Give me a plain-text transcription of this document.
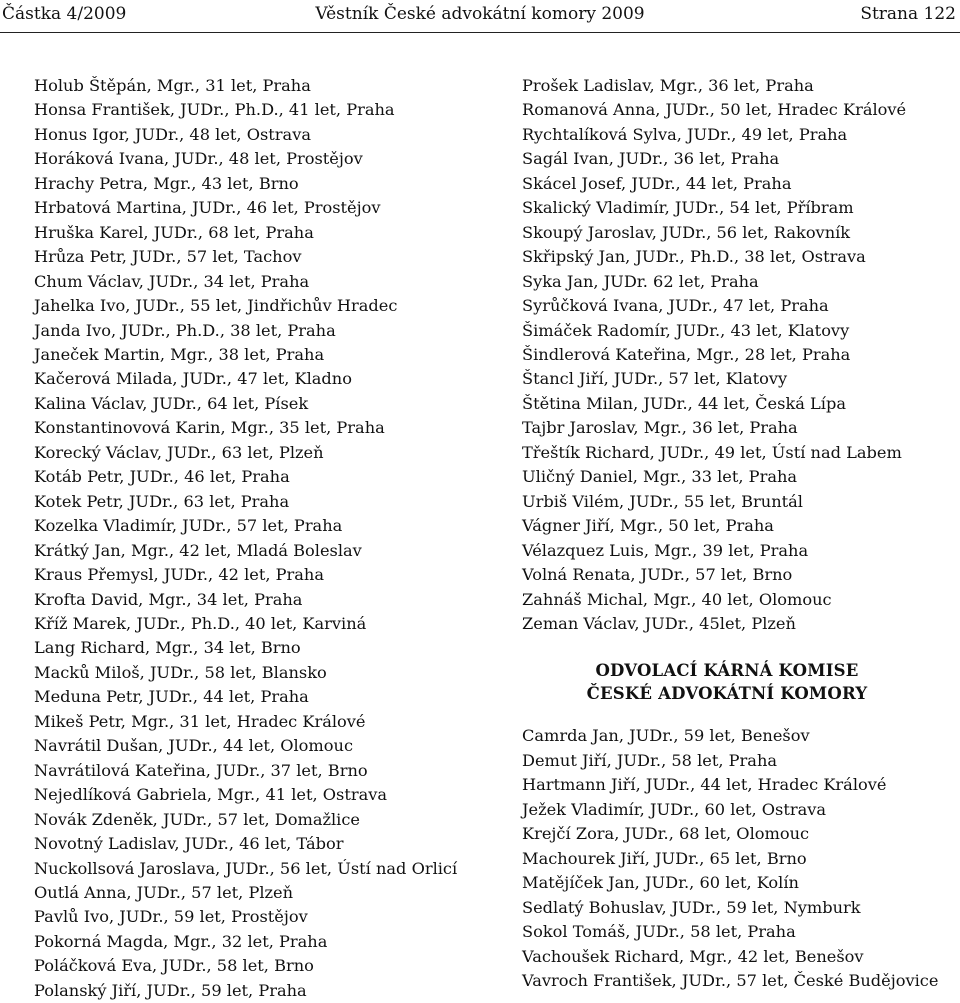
Částka 4/2009	Věstník České advokátní komory 2009	Strana 122
Holub Štěpán, Mgr., 31 let, Praha
Honsa František, JUDr., Ph.D., 41 let, Praha
Honus Igor, JUDr., 48 let, Ostrava
Horáková Ivana, JUDr., 48 let, Prostějov
Hrachy Petra, Mgr., 43 let, Brno
Hrbatová Martina, JUDr., 46 let, Prostějov
Hruška Karel, JUDr., 68 let, Praha
Hrůza Petr, JUDr., 57 let, Tachov
Chum Václav, JUDr., 34 let, Praha
Jahelka Ivo, JUDr., 55 let, Jindřichův Hradec
Janda Ivo, JUDr., Ph.D., 38 let, Praha
Janeček Martin, Mgr., 38 let, Praha
Kačerová Milada, JUDr., 47 let, Kladno
Kalina Václav, JUDr., 64 let, Písek
Konstantinovová Karin, Mgr., 35 let, Praha
Korecký Václav, JUDr., 63 let, Plzeň
Kotáb Petr, JUDr., 46 let, Praha
Kotek Petr, JUDr., 63 let, Praha
Kozelka Vladimír, JUDr., 57 let, Praha
Krátký Jan, Mgr., 42 let, Mladá Boleslav
Kraus Přemysl, JUDr., 42 let, Praha
Krofta David, Mgr., 34 let, Praha
Kříž Marek, JUDr., Ph.D., 40 let, Karviná
Lang Richard, Mgr., 34 let, Brno
Macků Miloš, JUDr., 58 let, Blansko
Meduna Petr, JUDr., 44 let, Praha
Mikeš Petr, Mgr., 31 let, Hradec Králové
Navrátil Dušan, JUDr., 44 let, Olomouc
Navrátilová Kateřina, JUDr., 37 let, Brno
Nejedlíková Gabriela, Mgr., 41 let, Ostrava
Novák Zdeněk, JUDr., 57 let, Domažlice
Novotný Ladislav, JUDr., 46 let, Tábor
Nuckollsová Jaroslava, JUDr., 56 let, Ústí nad Orlicí
Outlá Anna, JUDr., 57 let, Plzeň
Pavlů Ivo, JUDr., 59 let, Prostějov
Pokorná Magda, Mgr., 32 let, Praha
Poláčková Eva, JUDr., 58 let, Brno
Polanský Jiří, JUDr., 59 let, Praha
Prošek Ladislav, Mgr., 36 let, Praha
Romanová Anna, JUDr., 50 let, Hradec Králové
Rychtalíková Sylva, JUDr., 49 let, Praha
Sagál Ivan, JUDr., 36 let, Praha
Skácel Josef, JUDr., 44 let, Praha
Skalický Vladimír, JUDr., 54 let, Příbram
Skoupý Jaroslav, JUDr., 56 let, Rakovník
Skřipský Jan, JUDr., Ph.D., 38 let, Ostrava
Syka Jan, JUDr. 62 let, Praha
Syrůčková Ivana, JUDr., 47 let, Praha
Šimáček Radomír, JUDr., 43 let, Klatovy
Šindlerová Kateřina, Mgr., 28 let, Praha
Štancl Jiří, JUDr., 57 let, Klatovy
Štětina Milan, JUDr., 44 let, Česká Lípa
Tajbr Jaroslav, Mgr., 36 let, Praha
Třeštík Richard, JUDr., 49 let, Ústí nad Labem
Uličný Daniel, Mgr., 33 let, Praha
Urbiš Vilém, JUDr., 55 let, Bruntál
Vágner Jiří, Mgr., 50 let, Praha
Vélazquez Luis, Mgr., 39 let, Praha
Volná Renata, JUDr., 57 let, Brno
Zahnáš Michal, Mgr., 40 let, Olomouc
Zeman Václav, JUDr., 45let, Plzeň
ODVOLACÍ KÁRNÁ KOMISE
ČESKÉ ADVOKÁTNÍ KOMORY
Camrda Jan, JUDr., 59 let, Benešov
Demut Jiří, JUDr., 58 let, Praha
Hartmann Jiří, JUDr., 44 let, Hradec Králové
Ježek Vladimír, JUDr., 60 let, Ostrava
Krejčí Zora, JUDr., 68 let, Olomouc
Machourek Jiří, JUDr., 65 let, Brno
Matějíček Jan, JUDr., 60 let, Kolín
Sedlatý Bohuslav, JUDr., 59 let, Nymburk
Sokol Tomáš, JUDr., 58 let, Praha
Vachoušek Richard, Mgr., 42 let, Benešov
Vavroch František, JUDr., 57 let, České Budějovice
